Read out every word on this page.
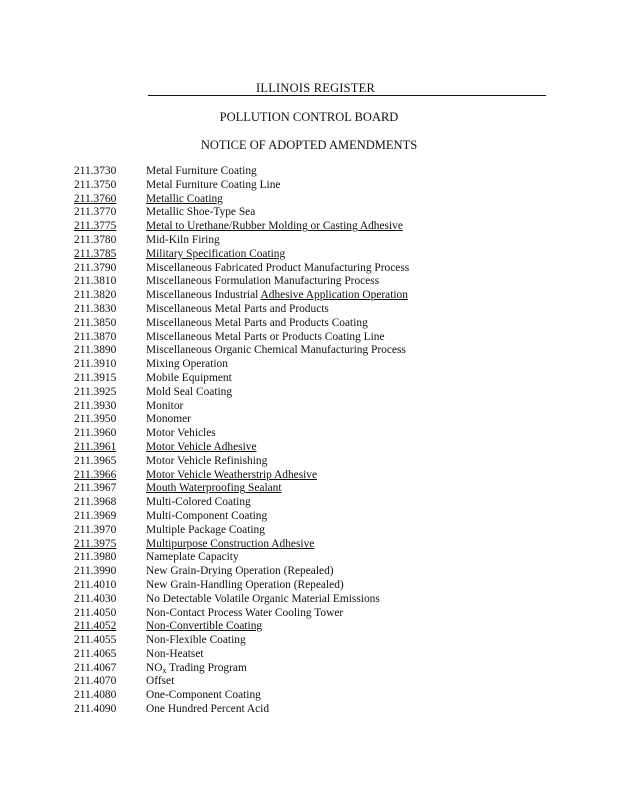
ILLINOIS REGISTER
POLLUTION CONTROL BOARD
NOTICE OF ADOPTED AMENDMENTS
211.3730	Metal Furniture Coating
211.3750	Metal Furniture Coating Line
211.3760	Metallic Coating
211.3770	Metallic Shoe-Type Sea
211.3775	Metal to Urethane/Rubber Molding or Casting Adhesive
211.3780	Mid-Kiln Firing
211.3785	Military Specification Coating
211.3790	Miscellaneous Fabricated Product Manufacturing Process
211.3810	Miscellaneous Formulation Manufacturing Process
211.3820	Miscellaneous Industrial Adhesive Application Operation
211.3830	Miscellaneous Metal Parts and Products
211.3850	Miscellaneous Metal Parts and Products Coating
211.3870	Miscellaneous Metal Parts or Products Coating Line
211.3890	Miscellaneous Organic Chemical Manufacturing Process
211.3910	Mixing Operation
211.3915	Mobile Equipment
211.3925	Mold Seal Coating
211.3930	Monitor
211.3950	Monomer
211.3960	Motor Vehicles
211.3961	Motor Vehicle Adhesive
211.3965	Motor Vehicle Refinishing
211.3966	Motor Vehicle Weatherstrip Adhesive
211.3967	Mouth Waterproofing Sealant
211.3968	Multi-Colored Coating
211.3969	Multi-Component Coating
211.3970	Multiple Package Coating
211.3975	Multipurpose Construction Adhesive
211.3980	Nameplate Capacity
211.3990	New Grain-Drying Operation (Repealed)
211.4010	New Grain-Handling Operation (Repealed)
211.4030	No Detectable Volatile Organic Material Emissions
211.4050	Non-Contact Process Water Cooling Tower
211.4052	Non-Convertible Coating
211.4055	Non-Flexible Coating
211.4065	Non-Heatset
211.4067	$NO_x$ Trading Program
211.4070	Offset
211.4080	One-Component Coating
211.4090	One Hundred Percent Acid
